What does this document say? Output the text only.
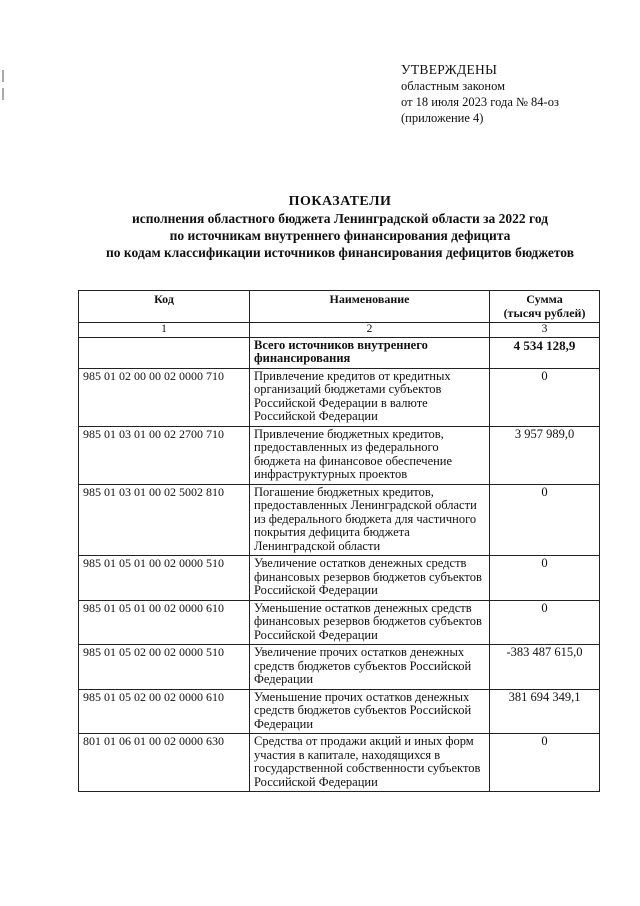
УТВЕРЖДЕНЫ
областным законом
от 18 июля 2023 года № 84-оз
(приложение 4)
ПОКАЗАТЕЛИ
исполнения областного бюджета Ленинградской области за 2022 год
по источникам внутреннего финансирования дефицита
по кодам классификации источников финансирования дефицитов бюджетов
Код	Наименование	Сумма
(тысяч рублей)

1	2	3
	Всего источников внутреннего финансирования	4 534 128,9
985 01 02 00 00 02 0000 710	Привлечение кредитов от кредитных организаций бюджетами субъектов Российской Федерации в валюте Российской Федерации	0
985 01 03 01 00 02 2700 710	Привлечение бюджетных кредитов, предоставленных из федерального бюджета на финансовое обеспечение инфраструктурных проектов	3 957 989,0
985 01 03 01 00 02 5002 810	Погашение бюджетных кредитов, предоставленных Ленинградской области из федерального бюджета для частичного покрытия дефицита бюджета Ленинградской области	0
985 01 05 01 00 02 0000 510	Увеличение остатков денежных средств финансовых резервов бюджетов субъектов Российской Федерации	0
985 01 05 01 00 02 0000 610	Уменьшение остатков денежных средств финансовых резервов бюджетов субъектов Российской Федерации	0
985 01 05 02 00 02 0000 510	Увеличение прочих остатков денежных средств бюджетов субъектов Российской Федерации	-383 487 615,0
985 01 05 02 00 02 0000 610	Уменьшение прочих остатков денежных средств бюджетов субъектов Российской Федерации	381 694 349,1
801 01 06 01 00 02 0000 630	Средства от продажи акций и иных форм участия в капитале, находящихся в государственной собственности субъектов Российской Федерации	0
